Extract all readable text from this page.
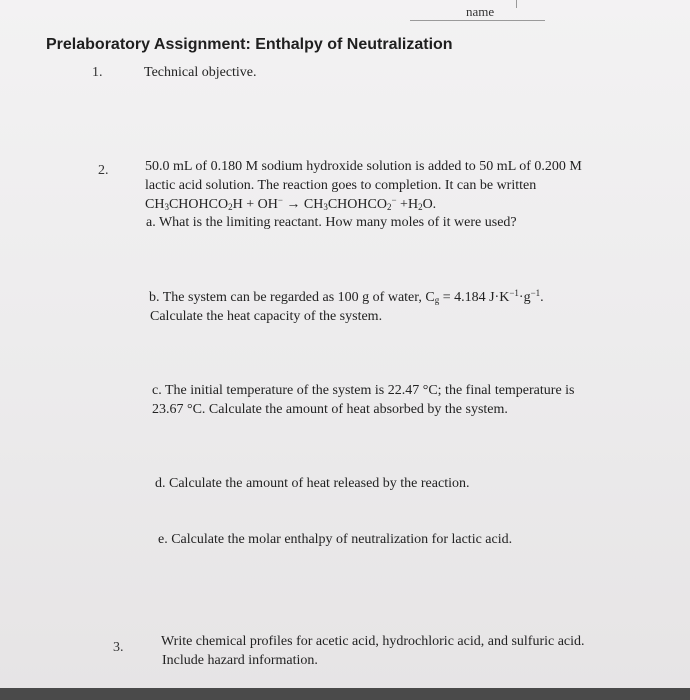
name
Prelaboratory Assignment: Enthalpy of Neutralization
1.	Technical objective.
2.	50.0 mL of 0.180 M sodium hydroxide solution is added to 50 mL of 0.200 M
lactic acid solution. The reaction goes to completion. It can be written
$CH_3CHOHCO_2H + OH^-$ → $CH_3CHOHCO_2^- +H_2O$.
a. What is the limiting reactant. How many moles of it were used?
b. The system can be regarded as 100 g of water, $C_g = 4.184$ $J\cdot K^{-1}\cdot g^{-1}$.
Calculate the heat capacity of the system.
c. The initial temperature of the system is 22.47 °C; the final temperature is
23.67 °C. Calculate the amount of heat absorbed by the system.
d. Calculate the amount of heat released by the reaction.
e. Calculate the molar enthalpy of neutralization for lactic acid.
3.	Write chemical profiles for acetic acid, hydrochloric acid, and sulfuric acid.
Include hazard information.
